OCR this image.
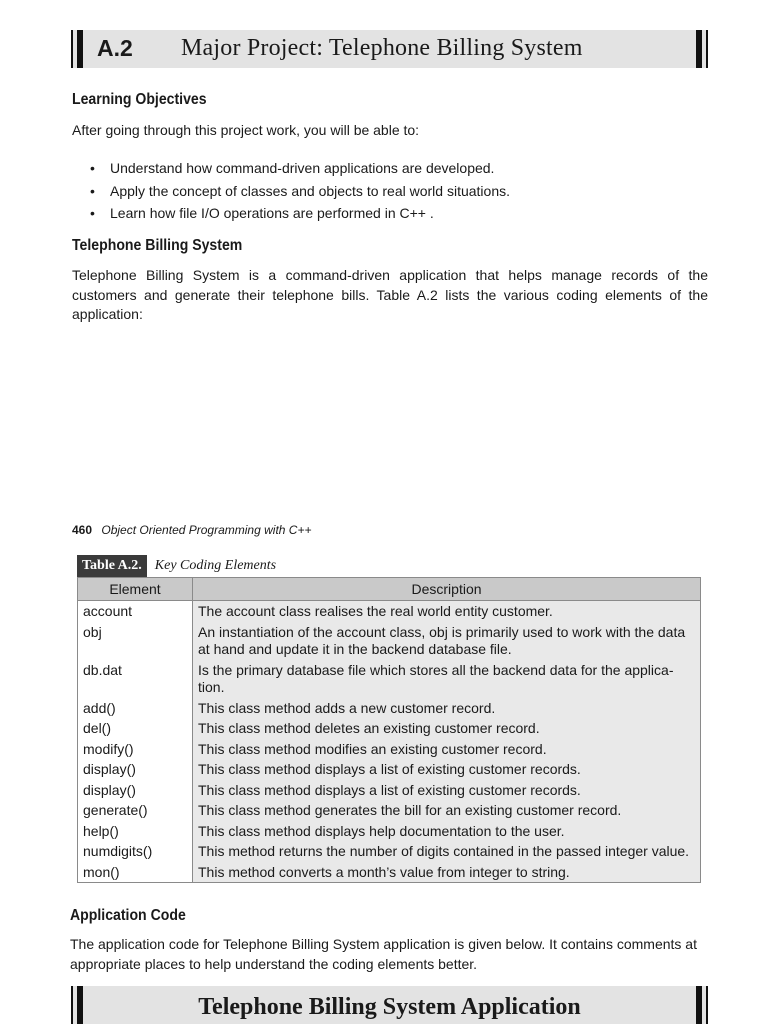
A.2 Major Project: Telephone Billing System
Learning Objectives
After going through this project work, you will be able to:
• Understand how command-driven applications are developed.
• Apply the concept of classes and objects to real world situations.
• Learn how file I/O operations are performed in C++ .
Telephone Billing System
Telephone Billing System is a command-driven application that helps manage records of the customers and generate their telephone bills. Table A.2 lists the various coding elements of the application:
460 Object Oriented Programming with C++
Table A.2. Key Coding Elements
Element	Description
account	The account class realises the real world entity customer.
obj	An instantiation of the account class, obj is primarily used to work with the data at hand and update it in the backend database file.
db.dat	Is the primary database file which stores all the backend data for the applica-tion.
add()	This class method adds a new customer record.
del()	This class method deletes an existing customer record.
modify()	This class method modifies an existing customer record.
display()	This class method displays a list of existing customer records.
display()	This class method displays a list of existing customer records.
generate()	This class method generates the bill for an existing customer record.
help()	This class method displays help documentation to the user.
numdigits()	This method returns the number of digits contained in the passed integer value.
mon()	This method converts a month’s value from integer to string.
Application Code
The application code for Telephone Billing System application is given below. It contains comments at appropriate places to help understand the coding elements better.
Telephone Billing System Application
